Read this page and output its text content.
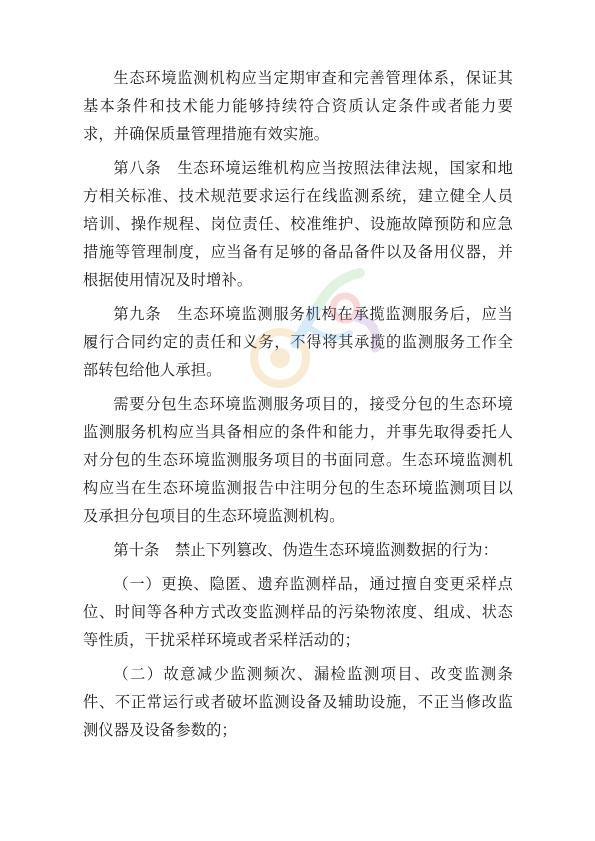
生态环境监测机构应当定期审查和完善管理体系，保证其基本条件和技术能力能够持续符合资质认定条件或者能力要求，并确保质量管理措施有效实施。

第八条　生态环境运维机构应当按照法律法规，国家和地方相关标准、技术规范要求运行在线监测系统，建立健全人员培训、操作规程、岗位责任、校准维护、设施故障预防和应急措施等管理制度，应当备有足够的备品备件以及备用仪器，并根据使用情况及时增补。

第九条　生态环境监测服务机构在承揽监测服务后，应当履行合同约定的责任和义务，不得将其承揽的监测服务工作全部转包给他人承担。

需要分包生态环境监测服务项目的，接受分包的生态环境监测服务机构应当具备相应的条件和能力，并事先取得委托人对分包的生态环境监测服务项目的书面同意。生态环境监测机构应当在生态环境监测报告中注明分包的生态环境监测项目以及承担分包项目的生态环境监测机构。

第十条　禁止下列篡改、伪造生态环境监测数据的行为：

（一）更换、隐匿、遗弃监测样品，通过擅自变更采样点位、时间等各种方式改变监测样品的污染物浓度、组成、状态等性质，干扰采样环境或者采样活动的；

（二）故意减少监测频次、漏检监测项目、改变监测条件、不正常运行或者破坏监测设备及辅助设施，不正当修改监测仪器及设备参数的；
